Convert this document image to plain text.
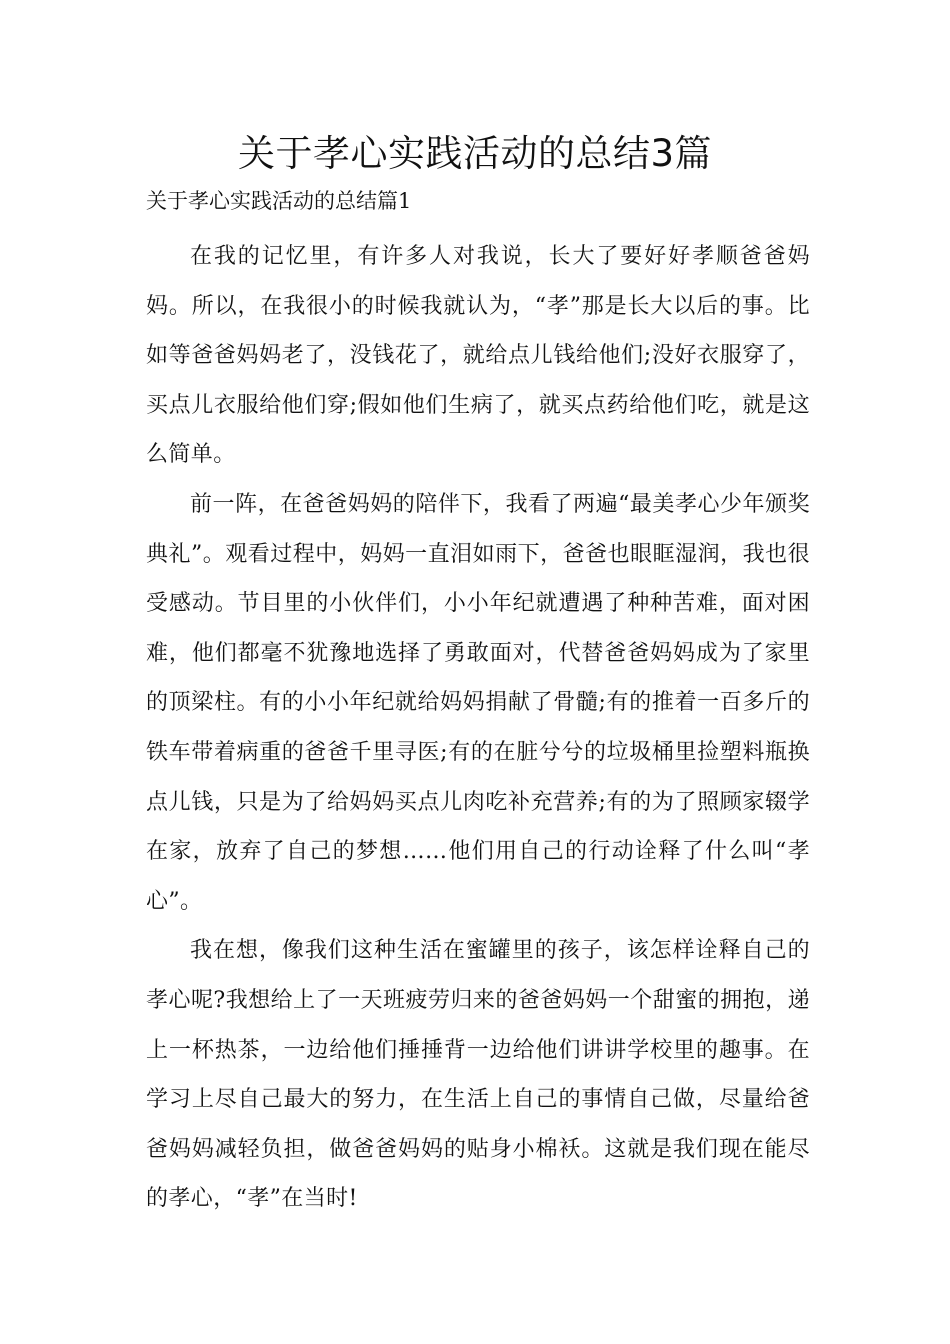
关于孝心实践活动的总结3篇
关于孝心实践活动的总结篇1

在我的记忆里，有许多人对我说，长大了要好好孝顺爸爸妈妈。所以，在我很小的时候我就认为，“孝”那是长大以后的事。比如等爸爸妈妈老了，没钱花了，就给点儿钱给他们;没好衣服穿了，买点儿衣服给他们穿;假如他们生病了，就买点药给他们吃，就是这么简单。

前一阵，在爸爸妈妈的陪伴下，我看了两遍“最美孝心少年颁奖典礼”。观看过程中，妈妈一直泪如雨下，爸爸也眼眶湿润，我也很受感动。节目里的小伙伴们，小小年纪就遭遇了种种苦难，面对困难，他们都毫不犹豫地选择了勇敢面对，代替爸爸妈妈成为了家里的顶梁柱。有的小小年纪就给妈妈捐献了骨髓;有的推着一百多斤的铁车带着病重的爸爸千里寻医;有的在脏兮兮的垃圾桶里捡塑料瓶换点儿钱，只是为了给妈妈买点儿肉吃补充营养;有的为了照顾家辍学在家，放弃了自己的梦想……他们用自己的行动诠释了什么叫“孝心”。

我在想，像我们这种生活在蜜罐里的孩子，该怎样诠释自己的孝心呢?我想给上了一天班疲劳归来的爸爸妈妈一个甜蜜的拥抱，递上一杯热茶，一边给他们捶捶背一边给他们讲讲学校里的趣事。在学习上尽自己最大的努力，在生活上自己的事情自己做，尽量给爸爸妈妈减轻负担，做爸爸妈妈的贴身小棉袄。这就是我们现在能尽的孝心，“孝”在当时!
